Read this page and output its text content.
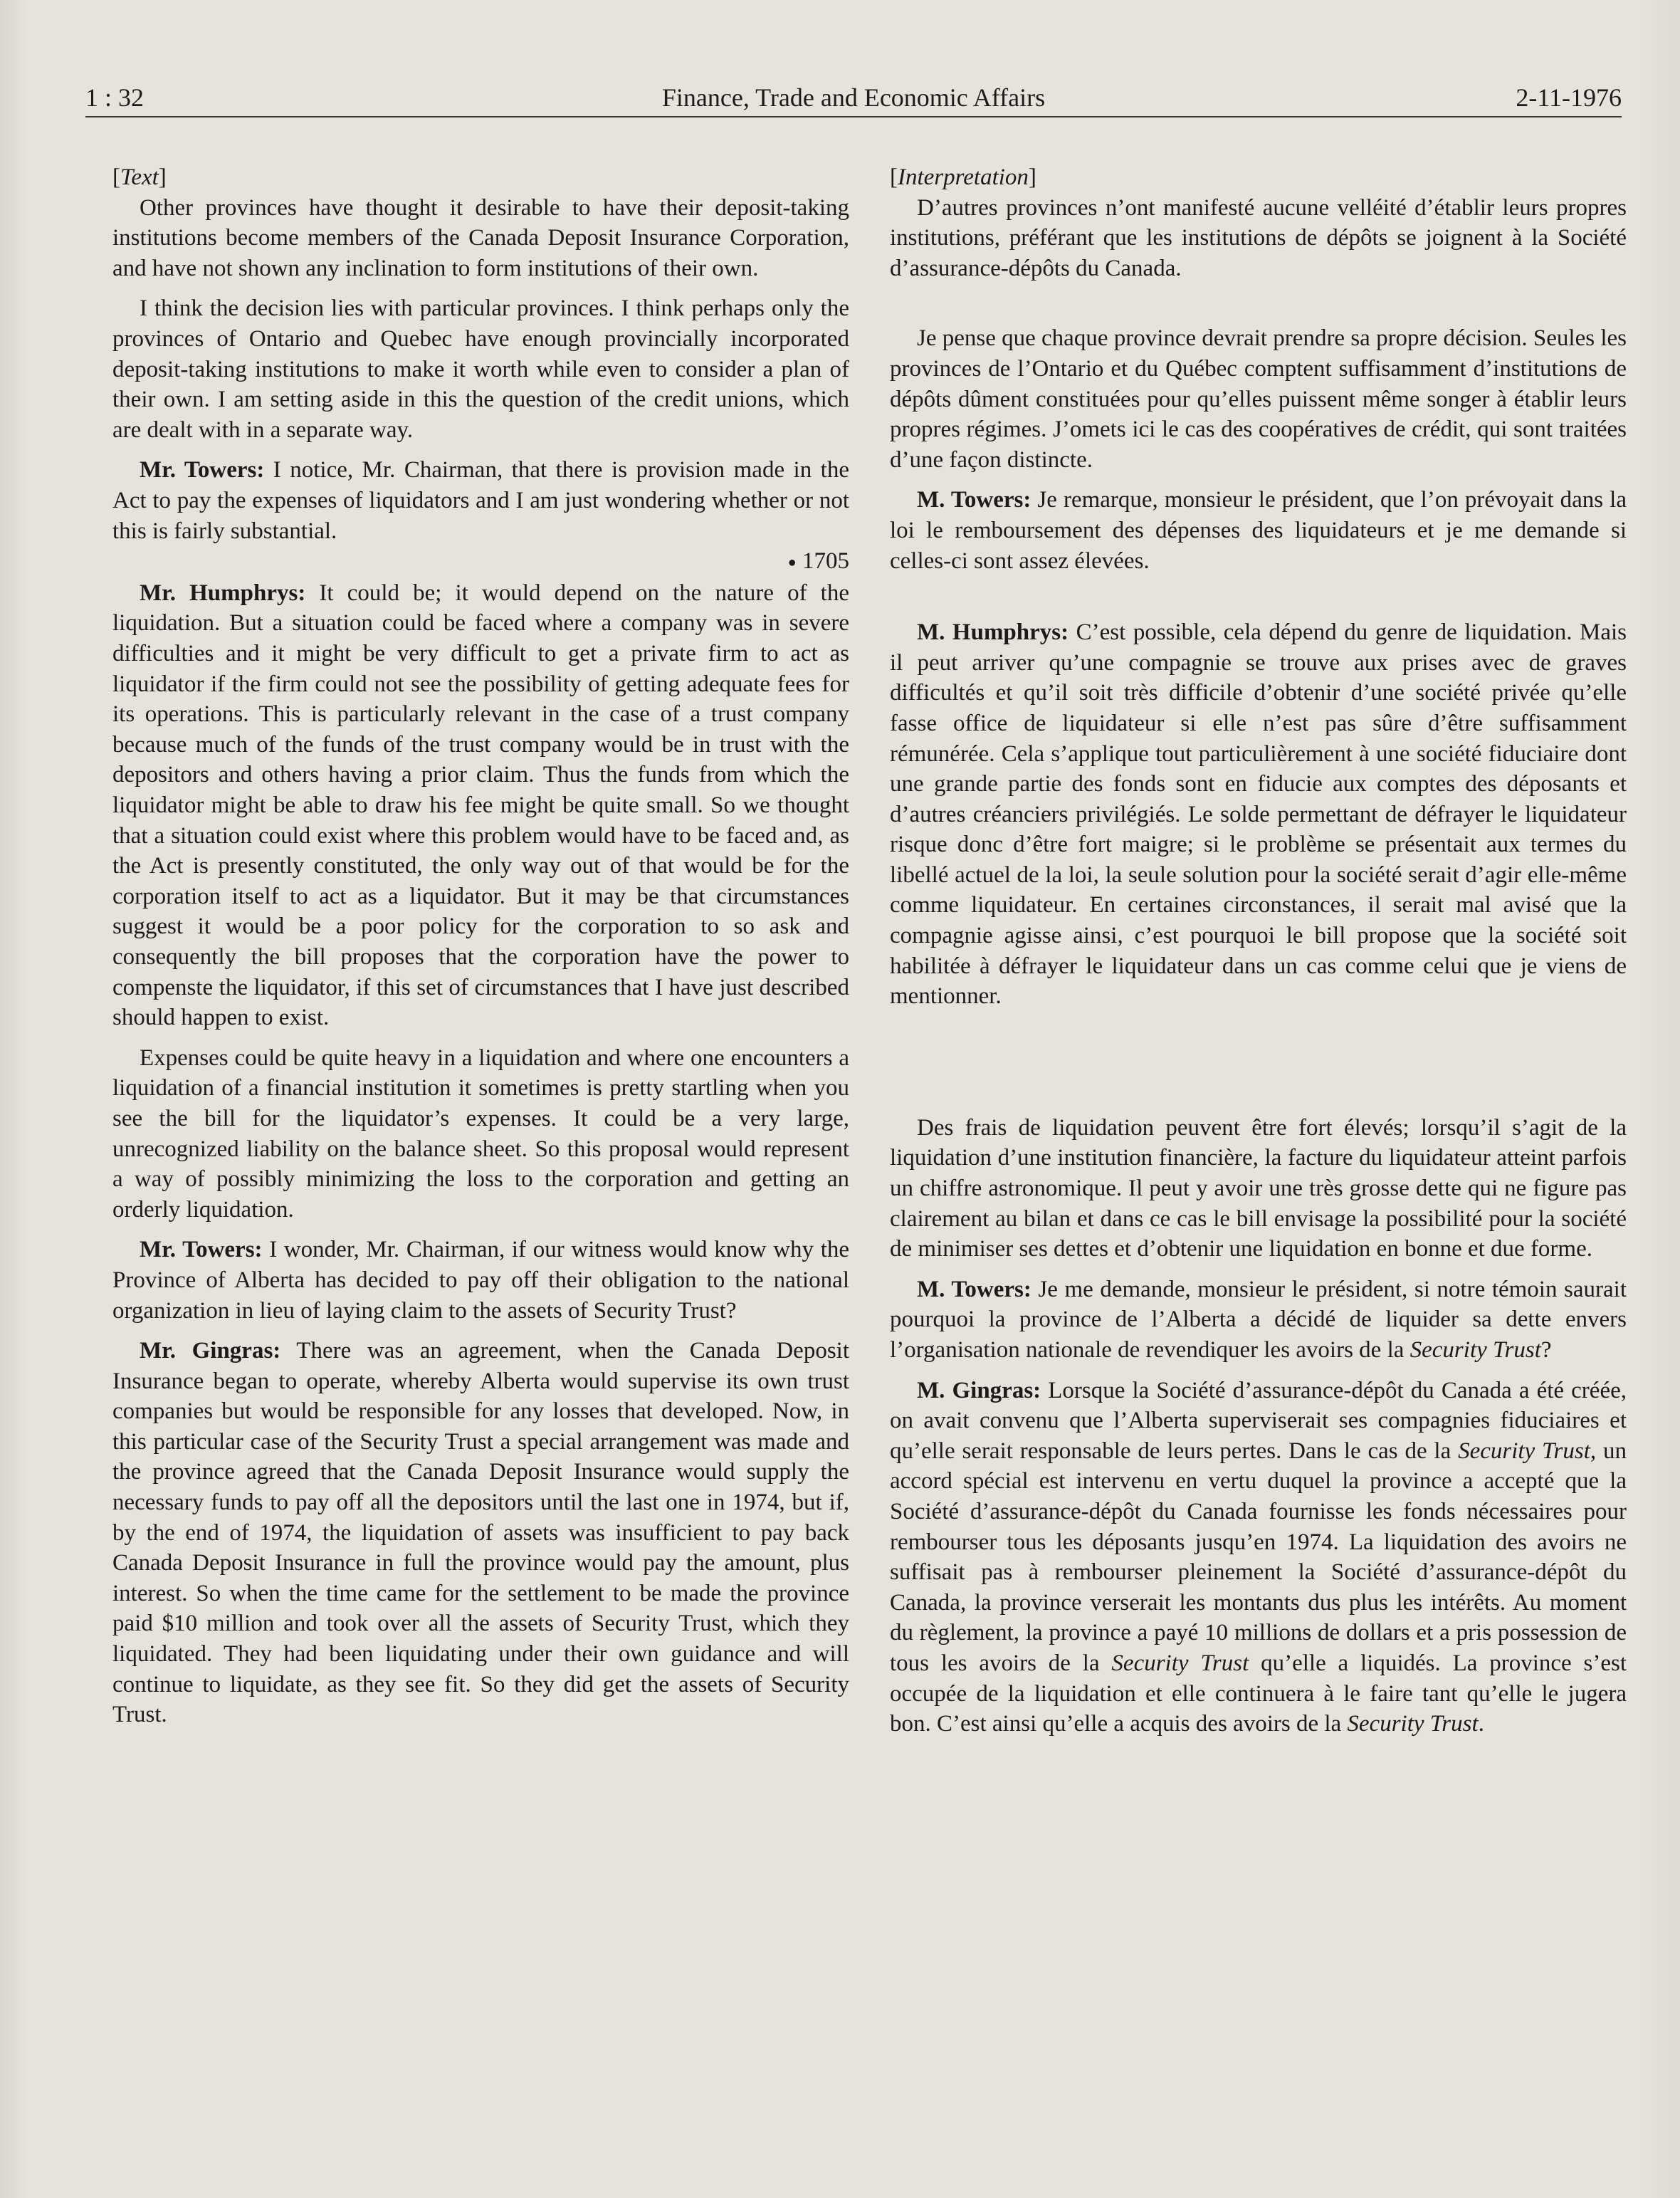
1 : 32	Finance, Trade and Economic Affairs	2-11-1976

[Text]

Other provinces have thought it desirable to have their deposit-taking institutions become members of the Canada Deposit Insurance Corporation, and have not shown any inclination to form institutions of their own.

I think the decision lies with particular provinces. I think perhaps only the provinces of Ontario and Quebec have enough provincially incorporated deposit-taking institutions to make it worth while even to consider a plan of their own. I am setting aside in this the question of the credit unions, which are dealt with in a separate way.

Mr. Towers: I notice, Mr. Chairman, that there is provision made in the Act to pay the expenses of liquidators and I am just wondering whether or not this is fairly substantial.

● 1705

Mr. Humphrys: It could be; it would depend on the nature of the liquidation. But a situation could be faced where a company was in severe difficulties and it might be very difficult to get a private firm to act as liquidator if the firm could not see the possibility of getting adequate fees for its operations. This is particularly relevant in the case of a trust company because much of the funds of the trust company would be in trust with the depositors and others having a prior claim. Thus the funds from which the liquidator might be able to draw his fee might be quite small. So we thought that a situation could exist where this problem would have to be faced and, as the Act is presently constituted, the only way out of that would be for the corporation itself to act as a liquidator. But it may be that circumstances suggest it would be a poor policy for the corporation to so ask and consequently the bill proposes that the corporation have the power to compenste the liquidator, if this set of circumstances that I have just described should happen to exist.

Expenses could be quite heavy in a liquidation and where one encounters a liquidation of a financial institution it sometimes is pretty startling when you see the bill for the liquidator’s expenses. It could be a very large, unrecognized liability on the balance sheet. So this proposal would represent a way of possibly minimizing the loss to the corporation and getting an orderly liquidation.

Mr. Towers: I wonder, Mr. Chairman, if our witness would know why the Province of Alberta has decided to pay off their obligation to the national organization in lieu of laying claim to the assets of Security Trust?

Mr. Gingras: There was an agreement, when the Canada Deposit Insurance began to operate, whereby Alberta would supervise its own trust companies but would be responsible for any losses that developed. Now, in this particular case of the Security Trust a special arrangement was made and the province agreed that the Canada Deposit Insurance would supply the necessary funds to pay off all the depositors until the last one in 1974, but if, by the end of 1974, the liquidation of assets was insufficient to pay back Canada Deposit Insurance in full the province would pay the amount, plus interest. So when the time came for the settlement to be made the province paid $10 million and took over all the assets of Security Trust, which they liquidated. They had been liquidating under their own guidance and will continue to liquidate, as they see fit. So they did get the assets of Security Trust.

[Interpretation]

D’autres provinces n’ont manifesté aucune velléité d’établir leurs propres institutions, préférant que les institutions de dépôts se joignent à la Société d’assurance-dépôts du Canada.

Je pense que chaque province devrait prendre sa propre décision. Seules les provinces de l’Ontario et du Québec comptent suffisamment d’institutions de dépôts dûment constituées pour qu’elles puissent même songer à établir leurs propres régimes. J’omets ici le cas des coopératives de crédit, qui sont traitées d’une façon distincte.

M. Towers: Je remarque, monsieur le président, que l’on prévoyait dans la loi le remboursement des dépenses des liquidateurs et je me demande si celles-ci sont assez élevées.

M. Humphrys: C’est possible, cela dépend du genre de liquidation. Mais il peut arriver qu’une compagnie se trouve aux prises avec de graves difficultés et qu’il soit très difficile d’obtenir d’une société privée qu’elle fasse office de liquidateur si elle n’est pas sûre d’être suffisamment rémunérée. Cela s’applique tout particulièrement à une société fiduciaire dont une grande partie des fonds sont en fiducie aux comptes des déposants et d’autres créanciers privilégiés. Le solde permettant de défrayer le liquidateur risque donc d’être fort maigre; si le problème se présentait aux termes du libellé actuel de la loi, la seule solution pour la société serait d’agir elle-même comme liquidateur. En certaines circonstances, il serait mal avisé que la compagnie agisse ainsi, c’est pourquoi le bill propose que la société soit habilitée à défrayer le liquidateur dans un cas comme celui que je viens de mentionner.

Des frais de liquidation peuvent être fort élevés; lorsqu’il s’agit de la liquidation d’une institution financière, la facture du liquidateur atteint parfois un chiffre astronomique. Il peut y avoir une très grosse dette qui ne figure pas clairement au bilan et dans ce cas le bill envisage la possibilité pour la société de minimiser ses dettes et d’obtenir une liquidation en bonne et due forme.

M. Towers: Je me demande, monsieur le président, si notre témoin saurait pourquoi la province de l’Alberta a décidé de liquider sa dette envers l’organisation nationale de revendiquer les avoirs de la Security Trust?

M. Gingras: Lorsque la Société d’assurance-dépôt du Canada a été créée, on avait convenu que l’Alberta superviserait ses compagnies fiduciaires et qu’elle serait responsable de leurs pertes. Dans le cas de la Security Trust, un accord spécial est intervenu en vertu duquel la province a accepté que la Société d’assurance-dépôt du Canada fournisse les fonds nécessaires pour rembourser tous les déposants jusqu’en 1974. La liquidation des avoirs ne suffisait pas à rembourser pleinement la Société d’assurance-dépôt du Canada, la province verserait les montants dus plus les intérêts. Au moment du règlement, la province a payé 10 millions de dollars et a pris possession de tous les avoirs de la Security Trust qu’elle a liquidés. La province s’est occupée de la liquidation et elle continuera à le faire tant qu’elle le jugera bon. C’est ainsi qu’elle a acquis des avoirs de la Security Trust.
